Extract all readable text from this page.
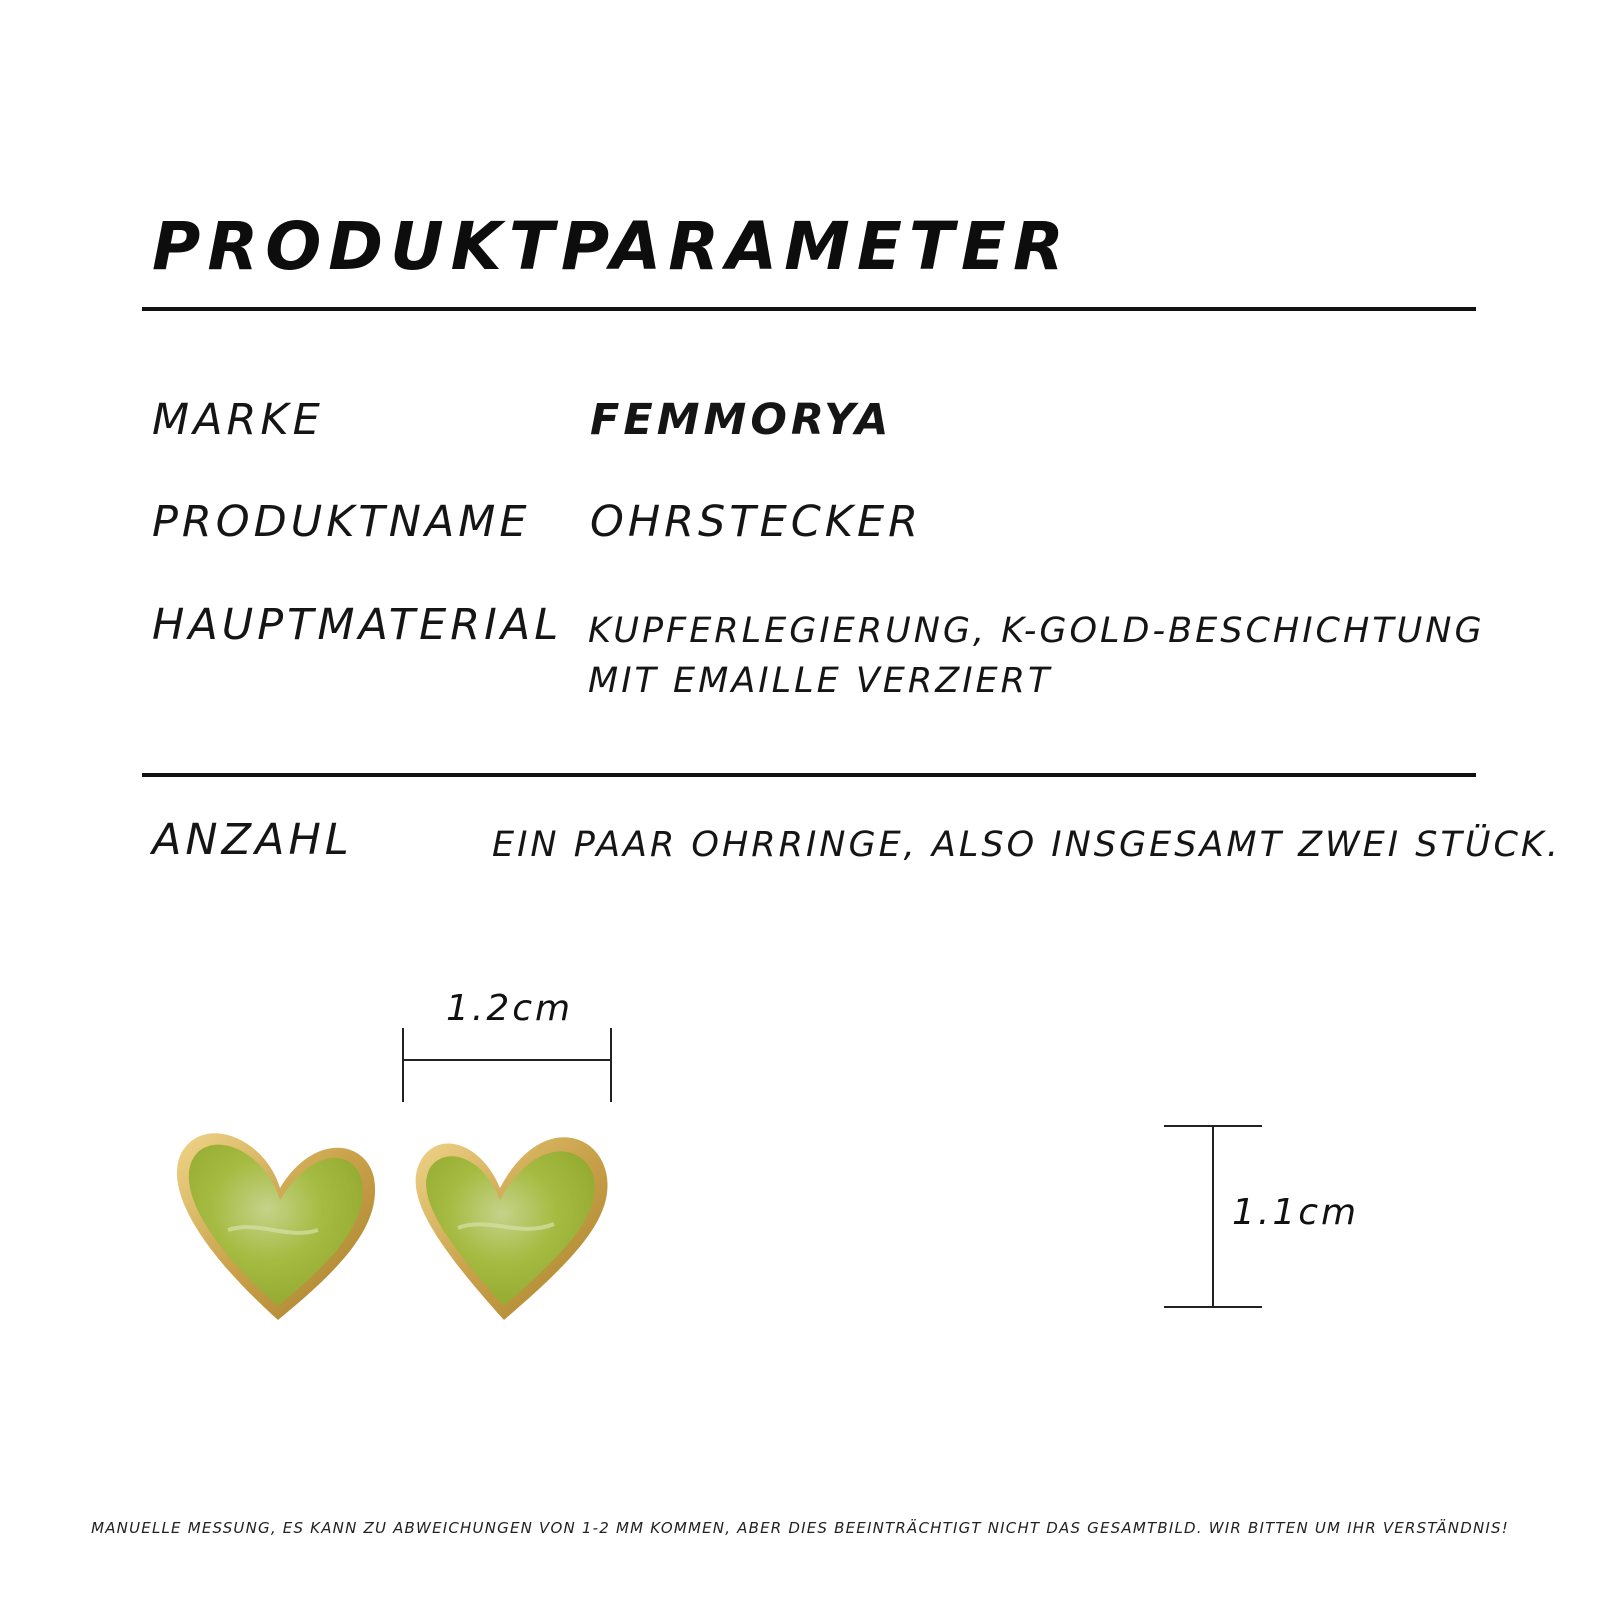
PRODUKTPARAMETER
MARKE	FEMMORYA
PRODUKTNAME OHRSTECKER
HAUPTMATERIAL KUPFERLEGIERUNG, K-GOLD-BESCHICHTUNG
MIT EMAILLE VERZIERT
ANZAHL	EIN PAAR OHRRINGE, ALSO INSGESAMT ZWEI STÜCK.
1.2cm
1.1cm
MANUELLE MESSUNG, ES KANN ZU ABWEICHUNGEN VON 1-2 MM KOMMEN, ABER DIES BEEINTRÄCHTIGT NICHT DAS GESAMTBILD. WIR BITTEN UM IHR VERSTÄNDNIS!
